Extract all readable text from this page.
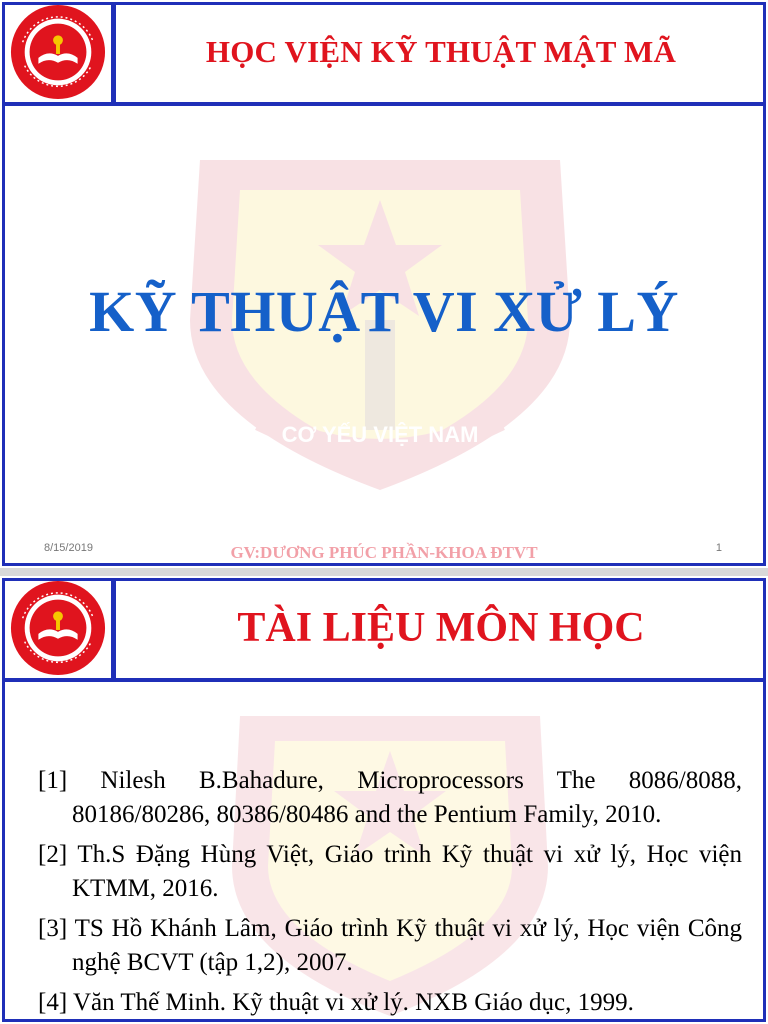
CƠ YẾU VIỆT NAM
HỌC VIỆN KỸ THUẬT MẬT MÃ
KỸ THUẬT VI XỬ LÝ
8/15/2019	GV:DƯƠNG PHÚC PHẦN-KHOA ĐTVT	1
TÀI LIỆU MÔN HỌC
[1] Nilesh B.Bahadure, Microprocessors The 8086/8088, 80186/80286, 80386/80486 and the Pentium Family, 2010.
[2] Th.S Đặng Hùng Việt, Giáo trình Kỹ thuật vi xử lý, Học viện KTMM, 2016.
[3] TS Hồ Khánh Lâm, Giáo trình Kỹ thuật vi xử lý, Học viện Công nghệ BCVT (tập 1,2), 2007.
[4] Văn Thế Minh. Kỹ thuật vi xử lý. NXB Giáo dục, 1999.
